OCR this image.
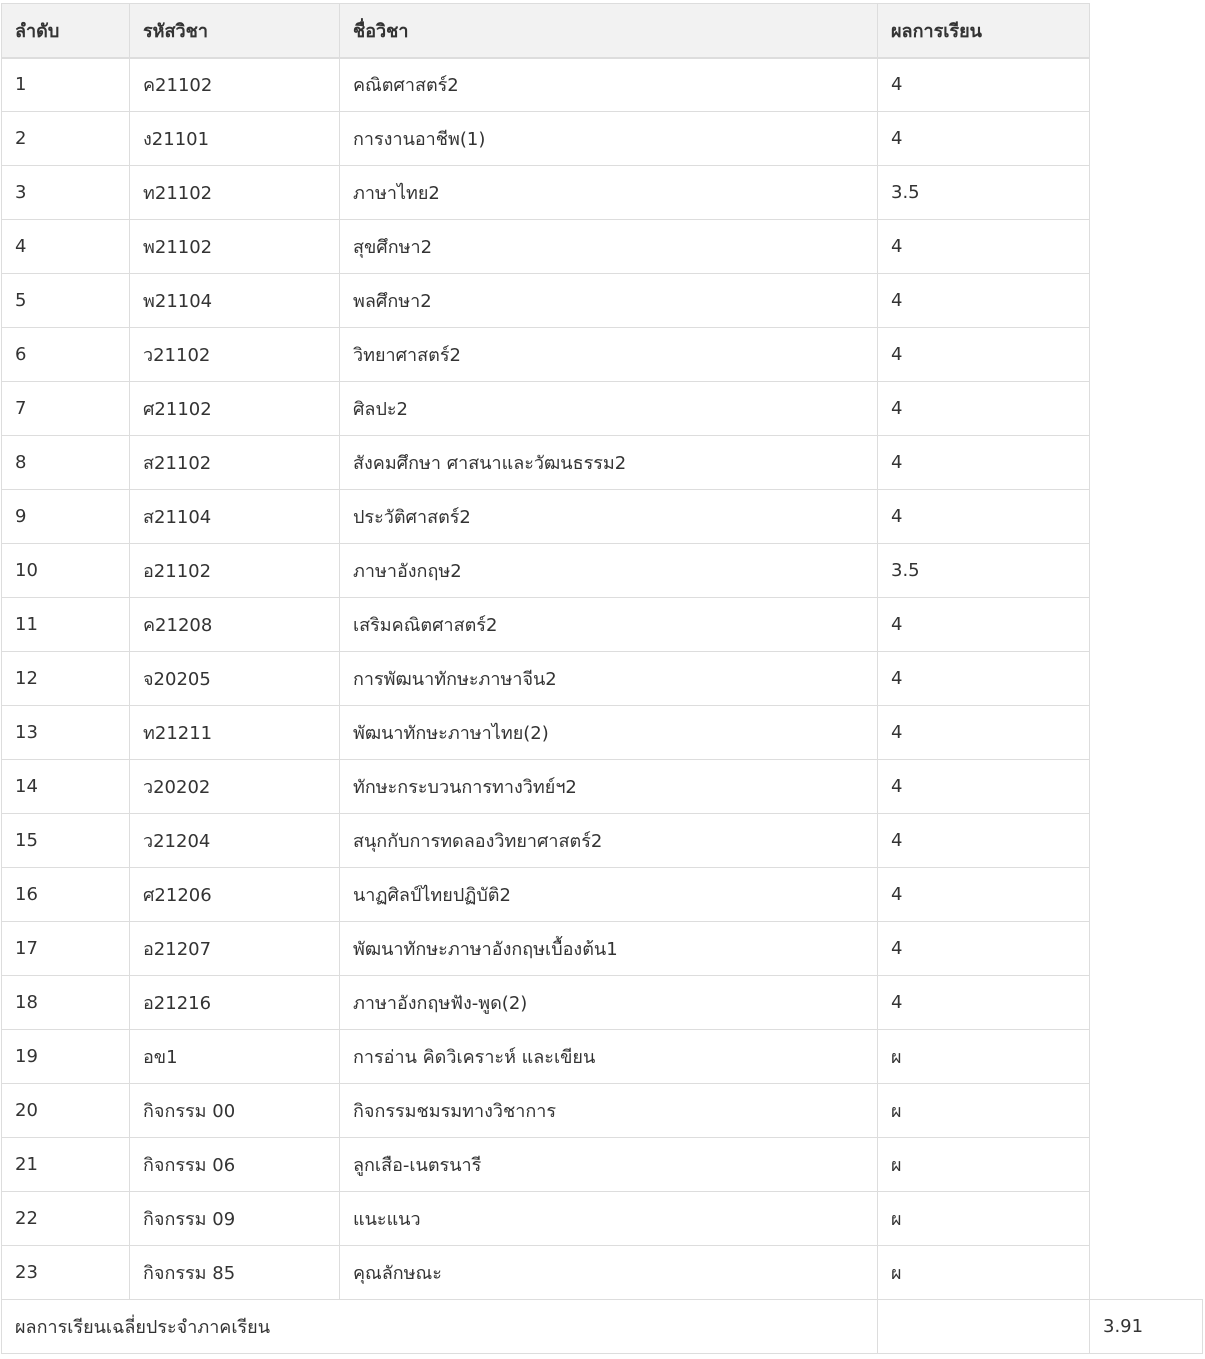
ลำดับ	รหัสวิชา	ชื่อวิชา	ผลการเรียน	
1	ค21102	คณิตศาสตร์2	4	
2	ง21101	การงานอาชีพ(1)	4	
3	ท21102	ภาษาไทย2	3.5	
4	พ21102	สุขศึกษา2	4	
5	พ21104	พลศึกษา2	4	
6	ว21102	วิทยาศาสตร์2	4	
7	ศ21102	ศิลปะ2	4	
8	ส21102	สังคมศึกษา ศาสนาและวัฒนธรรม2	4	
9	ส21104	ประวัติศาสตร์2	4	
10	อ21102	ภาษาอังกฤษ2	3.5	
11	ค21208	เสริมคณิตศาสตร์2	4	
12	จ20205	การพัฒนาทักษะภาษาจีน2	4	
13	ท21211	พัฒนาทักษะภาษาไทย(2)	4	
14	ว20202	ทักษะกระบวนการทางวิทย์ฯ2	4	
15	ว21204	สนุกกับการทดลองวิทยาศาสตร์2	4	
16	ศ21206	นาฏศิลป์ไทยปฏิบัติ2	4	
17	อ21207	พัฒนาทักษะภาษาอังกฤษเบื้องต้น1	4	
18	อ21216	ภาษาอังกฤษฟัง-พูด(2)	4	
19	อข1	การอ่าน คิดวิเคราะห์ และเขียน	ผ	
20	กิจกรรม 00	กิจกรรมชมรมทางวิชาการ	ผ	
21	กิจกรรม 06	ลูกเสือ-เนตรนารี	ผ	
22	กิจกรรม 09	แนะแนว	ผ	
23	กิจกรรม 85	คุณลักษณะ	ผ	
ผลการเรียนเฉลี่ยประจำภาคเรียน				3.91
